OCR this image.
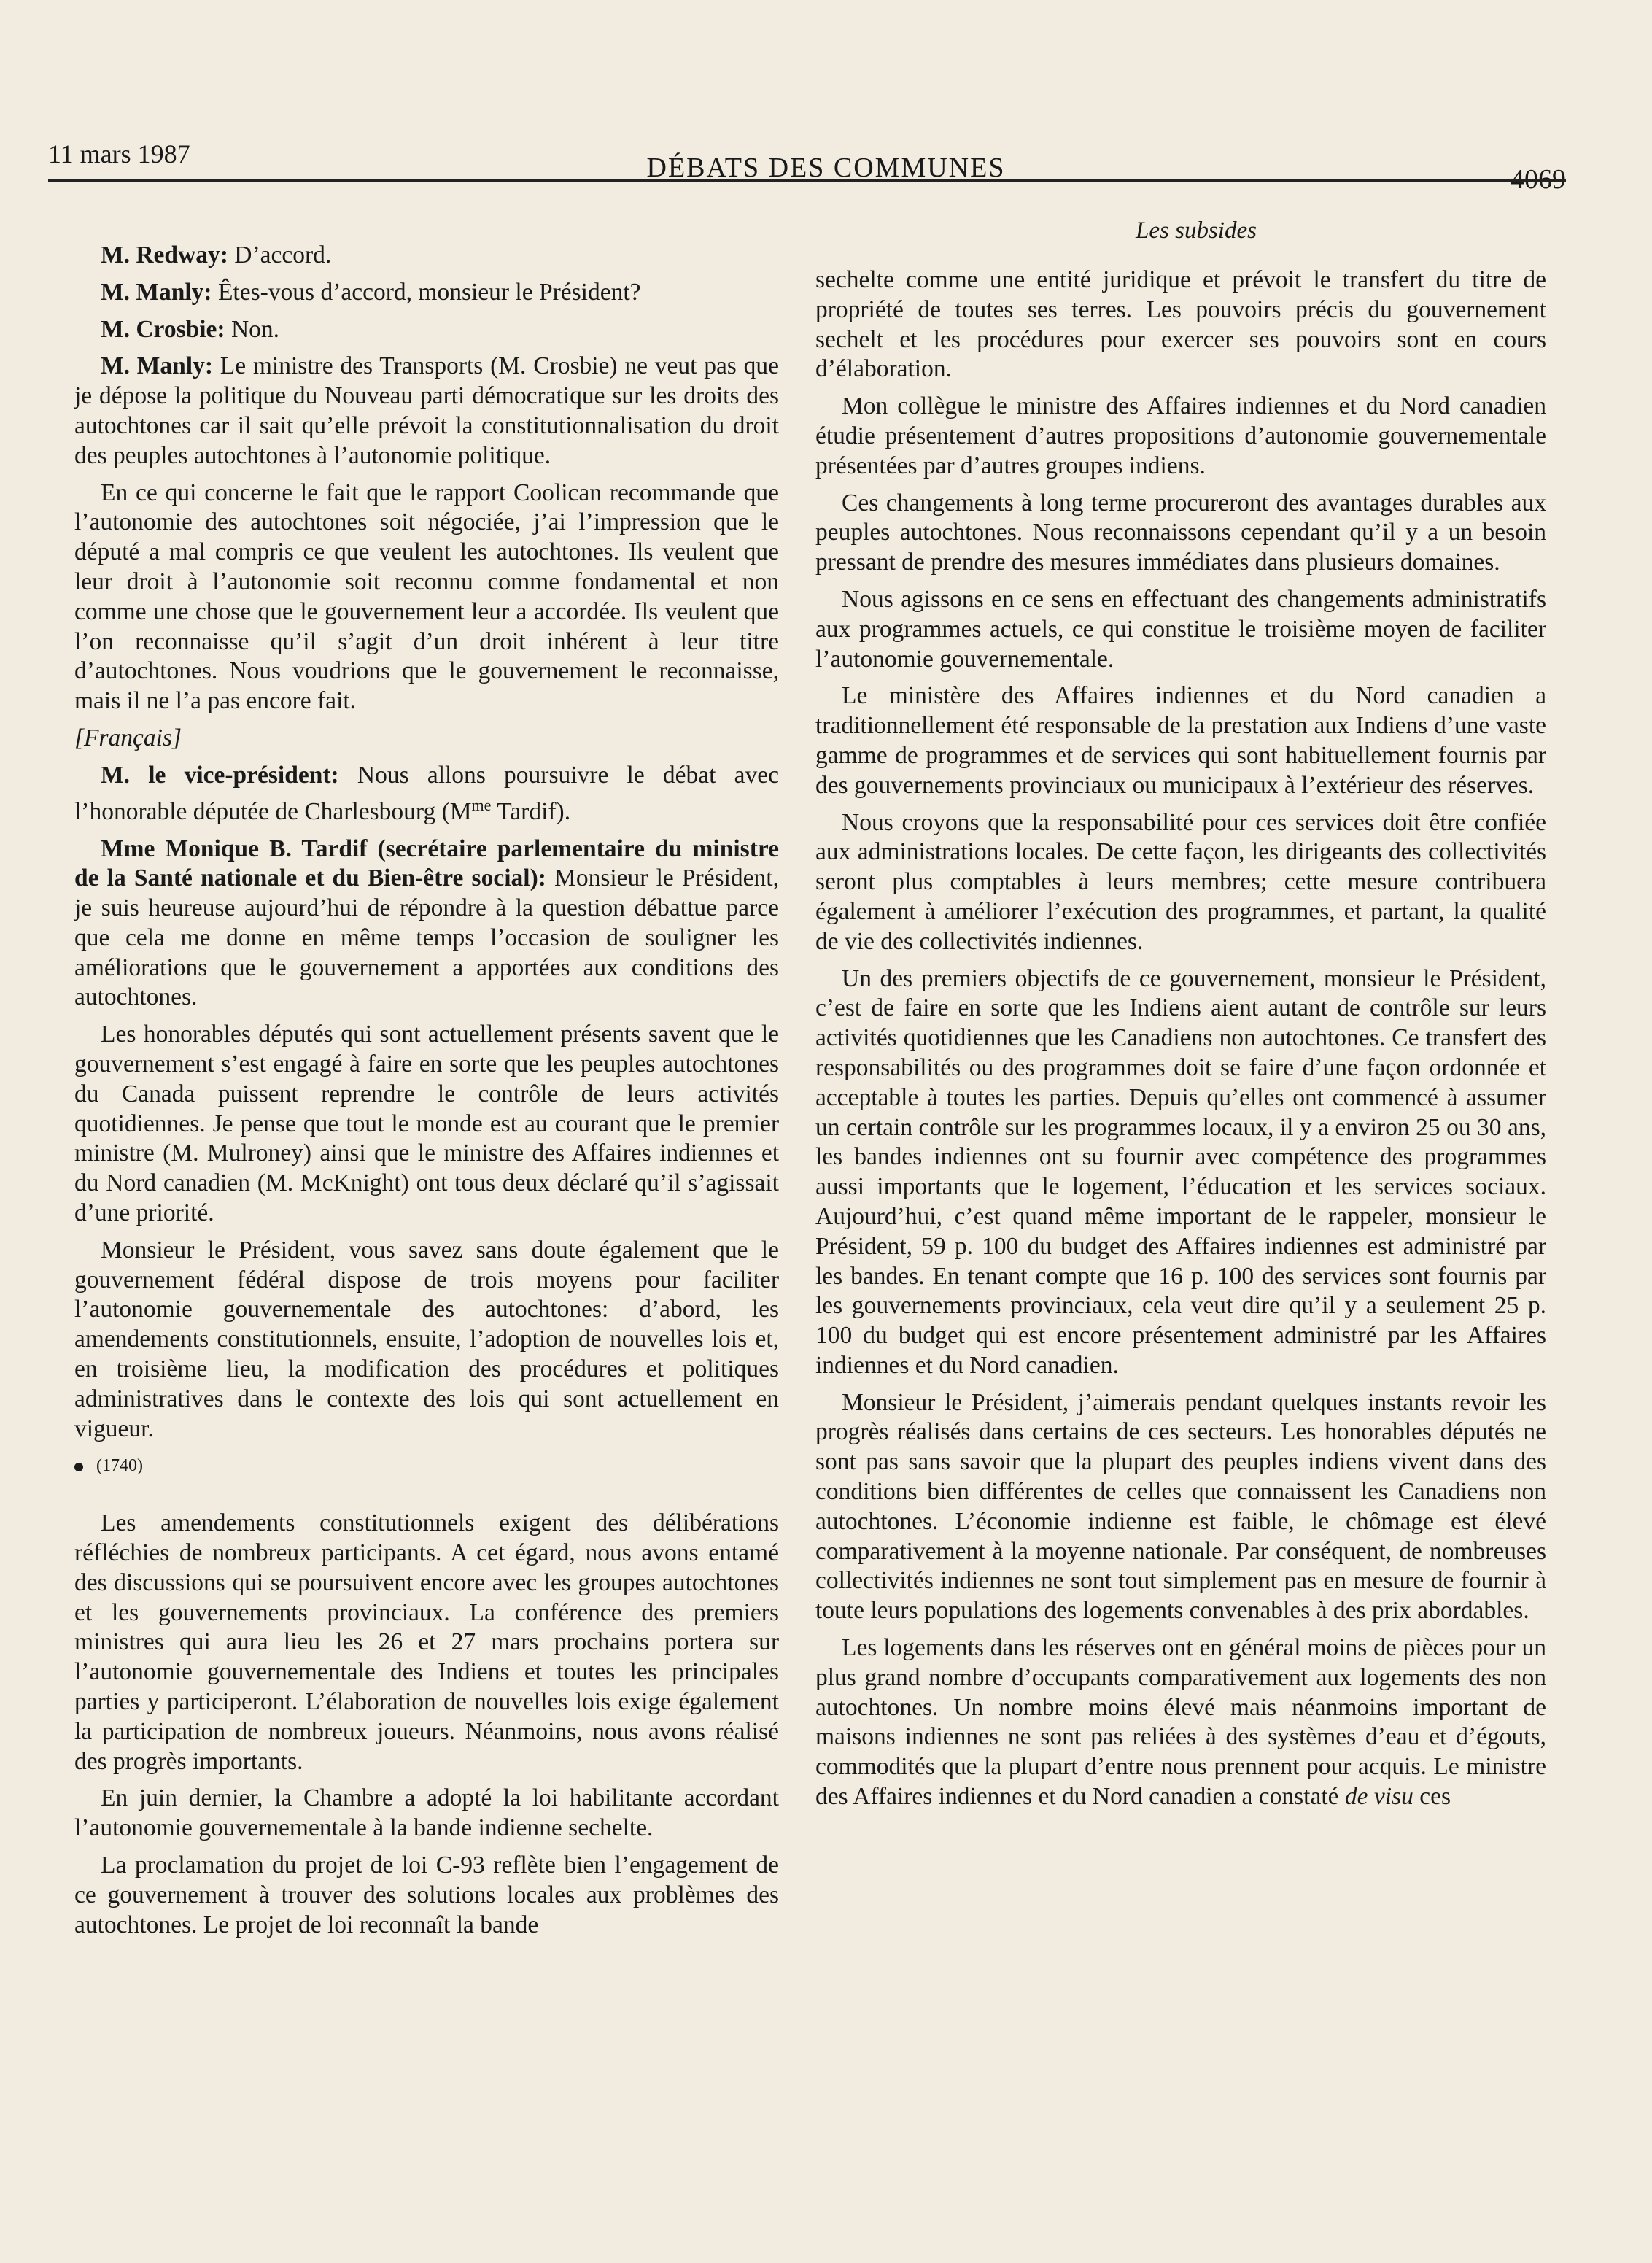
11 mars 1987	DÉBATS DES COMMUNES	4069
Les subsides

M. Redway: D’accord.

M. Manly: Êtes-vous d’accord, monsieur le Président?

M. Crosbie: Non.

M. Manly: Le ministre des Transports (M. Crosbie) ne veut pas que je dépose la politique du Nouveau parti démocratique sur les droits des autochtones car il sait qu’elle prévoit la constitutionnalisation du droit des peuples autochtones à l’autonomie politique.

En ce qui concerne le fait que le rapport Coolican recommande que l’autonomie des autochtones soit négociée, j’ai l’impression que le député a mal compris ce que veulent les autochtones. Ils veulent que leur droit à l’autonomie soit reconnu comme fondamental et non comme une chose que le gouvernement leur a accordée. Ils veulent que l’on reconnaisse qu’il s’agit d’un droit inhérent à leur titre d’autochtones. Nous voudrions que le gouvernement le reconnaisse, mais il ne l’a pas encore fait.

[Français]

M. le vice-président: Nous allons poursuivre le débat avec l’honorable députée de Charlesbourg ($M^{me}$ Tardif).

Mme Monique B. Tardif (secrétaire parlementaire du ministre de la Santé nationale et du Bien-être social): Monsieur le Président, je suis heureuse aujourd’hui de répondre à la question débattue parce que cela me donne en même temps l’occasion de souligner les améliorations que le gouvernement a apportées aux conditions des autochtones.

Les honorables députés qui sont actuellement présents savent que le gouvernement s’est engagé à faire en sorte que les peuples autochtones du Canada puissent reprendre le contrôle de leurs activités quotidiennes. Je pense que tout le monde est au courant que le premier ministre (M. Mulroney) ainsi que le ministre des Affaires indiennes et du Nord canadien (M. McKnight) ont tous deux déclaré qu’il s’agissait d’une priorité.

Monsieur le Président, vous savez sans doute également que le gouvernement fédéral dispose de trois moyens pour faciliter l’autonomie gouvernementale des autochtones: d’abord, les amendements constitutionnels, ensuite, l’adoption de nouvelles lois et, en troisième lieu, la modification des procédures et politiques administratives dans le contexte des lois qui sont actuellement en vigueur.

(1740)

Les amendements constitutionnels exigent des délibérations réfléchies de nombreux participants. A cet égard, nous avons entamé des discussions qui se poursuivent encore avec les groupes autochtones et les gouvernements provinciaux. La conférence des premiers ministres qui aura lieu les 26 et 27 mars prochains portera sur l’autonomie gouvernementale des Indiens et toutes les principales parties y participeront. L’élaboration de nouvelles lois exige également la participation de nombreux joueurs. Néanmoins, nous avons réalisé des progrès importants.

En juin dernier, la Chambre a adopté la loi habilitante accordant l’autonomie gouvernementale à la bande indienne sechelte.

La proclamation du projet de loi C-93 reflète bien l’engagement de ce gouvernement à trouver des solutions locales aux problèmes des autochtones. Le projet de loi reconnaît la bande

sechelte comme une entité juridique et prévoit le transfert du titre de propriété de toutes ses terres. Les pouvoirs précis du gouvernement sechelt et les procédures pour exercer ses pouvoirs sont en cours d’élaboration.

Mon collègue le ministre des Affaires indiennes et du Nord canadien étudie présentement d’autres propositions d’autonomie gouvernementale présentées par d’autres groupes indiens.

Ces changements à long terme procureront des avantages durables aux peuples autochtones. Nous reconnaissons cependant qu’il y a un besoin pressant de prendre des mesures immédiates dans plusieurs domaines.

Nous agissons en ce sens en effectuant des changements administratifs aux programmes actuels, ce qui constitue le troisième moyen de faciliter l’autonomie gouvernementale.

Le ministère des Affaires indiennes et du Nord canadien a traditionnellement été responsable de la prestation aux Indiens d’une vaste gamme de programmes et de services qui sont habituellement fournis par des gouvernements provinciaux ou municipaux à l’extérieur des réserves.

Nous croyons que la responsabilité pour ces services doit être confiée aux administrations locales. De cette façon, les dirigeants des collectivités seront plus comptables à leurs membres; cette mesure contribuera également à améliorer l’exécution des programmes, et partant, la qualité de vie des collectivités indiennes.

Un des premiers objectifs de ce gouvernement, monsieur le Président, c’est de faire en sorte que les Indiens aient autant de contrôle sur leurs activités quotidiennes que les Canadiens non autochtones. Ce transfert des responsabilités ou des programmes doit se faire d’une façon ordonnée et acceptable à toutes les parties. Depuis qu’elles ont commencé à assumer un certain contrôle sur les programmes locaux, il y a environ 25 ou 30 ans, les bandes indiennes ont su fournir avec compétence des programmes aussi importants que le logement, l’éducation et les services sociaux. Aujourd’hui, c’est quand même important de le rappeler, monsieur le Président, 59 p. 100 du budget des Affaires indiennes est administré par les bandes. En tenant compte que 16 p. 100 des services sont fournis par les gouvernements provinciaux, cela veut dire qu’il y a seulement 25 p. 100 du budget qui est encore présentement administré par les Affaires indiennes et du Nord canadien.

Monsieur le Président, j’aimerais pendant quelques instants revoir les progrès réalisés dans certains de ces secteurs. Les honorables députés ne sont pas sans savoir que la plupart des peuples indiens vivent dans des conditions bien différentes de celles que connaissent les Canadiens non autochtones. L’économie indienne est faible, le chômage est élevé comparativement à la moyenne nationale. Par conséquent, de nombreuses collectivités indiennes ne sont tout simplement pas en mesure de fournir à toute leurs populations des logements convenables à des prix abordables.

Les logements dans les réserves ont en général moins de pièces pour un plus grand nombre d’occupants comparativement aux logements des non autochtones. Un nombre moins élevé mais néanmoins important de maisons indiennes ne sont pas reliées à des systèmes d’eau et d’égouts, commodités que la plupart d’entre nous prennent pour acquis. Le ministre des Affaires indiennes et du Nord canadien a constaté de visu ces
